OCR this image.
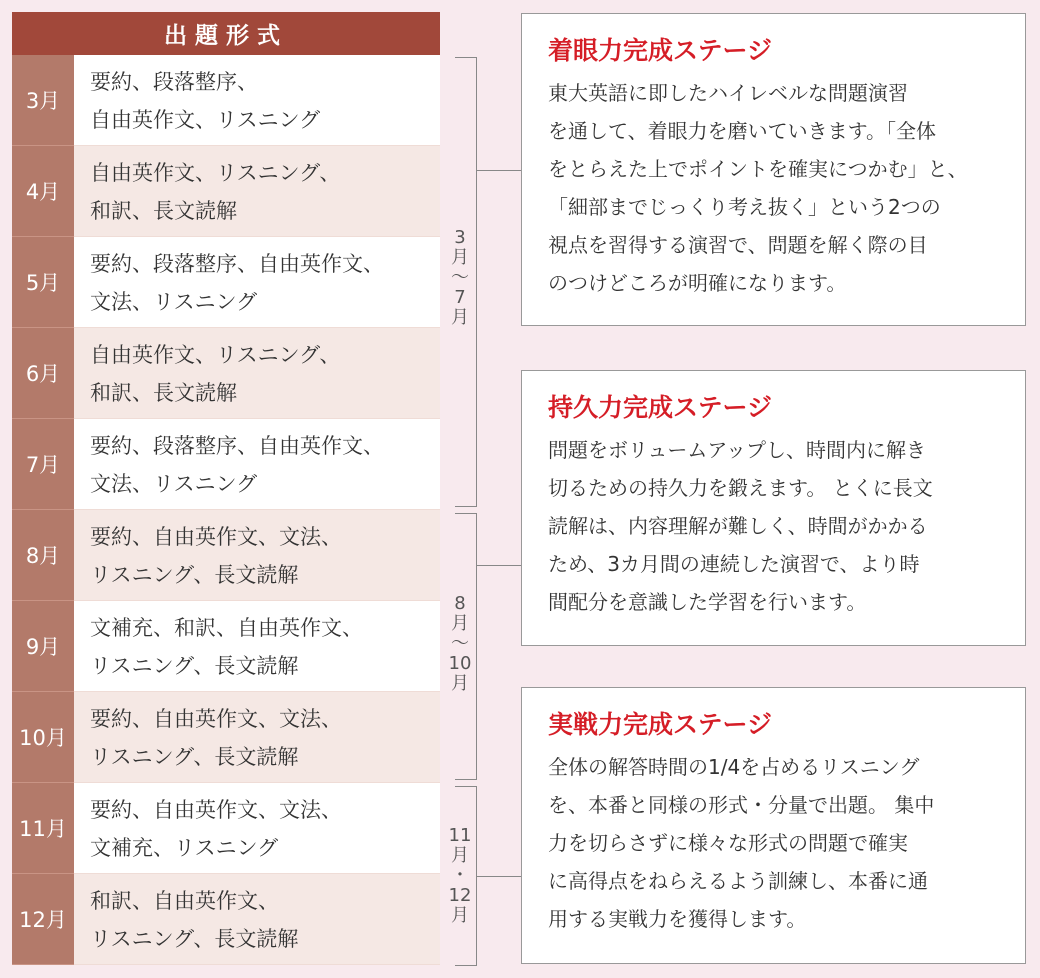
出題形式
3月
要約、段落整序、
自由英作文、リスニング
4月
自由英作文、リスニング、
和訳、長文読解
5月
要約、段落整序、自由英作文、
文法、リスニング
6月
自由英作文、リスニング、
和訳、長文読解
7月
要約、段落整序、自由英作文、
文法、リスニング
8月
要約、自由英作文、文法、
リスニング、長文読解
9月
文補充、和訳、自由英作文、
リスニング、長文読解
10月
要約、自由英作文、文法、
リスニング、長文読解
11月
要約、自由英作文、文法、
文補充、リスニング
12月
和訳、自由英作文、
リスニング、長文読解
3
月
〜
7
月
8
月
〜
10
月
11
月
・
12
月
着眼力完成ステージ
東大英語に即したハイレベルな問題演習
を通して、着眼力を磨いていきます。「全体
をとらえた上でポイントを確実につかむ」と、
「細部までじっくり考え抜く」という2つの
視点を習得する演習で、問題を解く際の目
のつけどころが明確になります。
持久力完成ステージ
問題をボリュームアップし、時間内に解き
切るための持久力を鍛えます。 とくに長文
読解は、内容理解が難しく、時間がかかる
ため、3カ月間の連続した演習で、より時
間配分を意識した学習を行います。
実戦力完成ステージ
全体の解答時間の1/4を占めるリスニング
を、本番と同様の形式・分量で出題。 集中
力を切らさずに様々な形式の問題で確実
に高得点をねらえるよう訓練し、本番に通
用する実戦力を獲得します。
